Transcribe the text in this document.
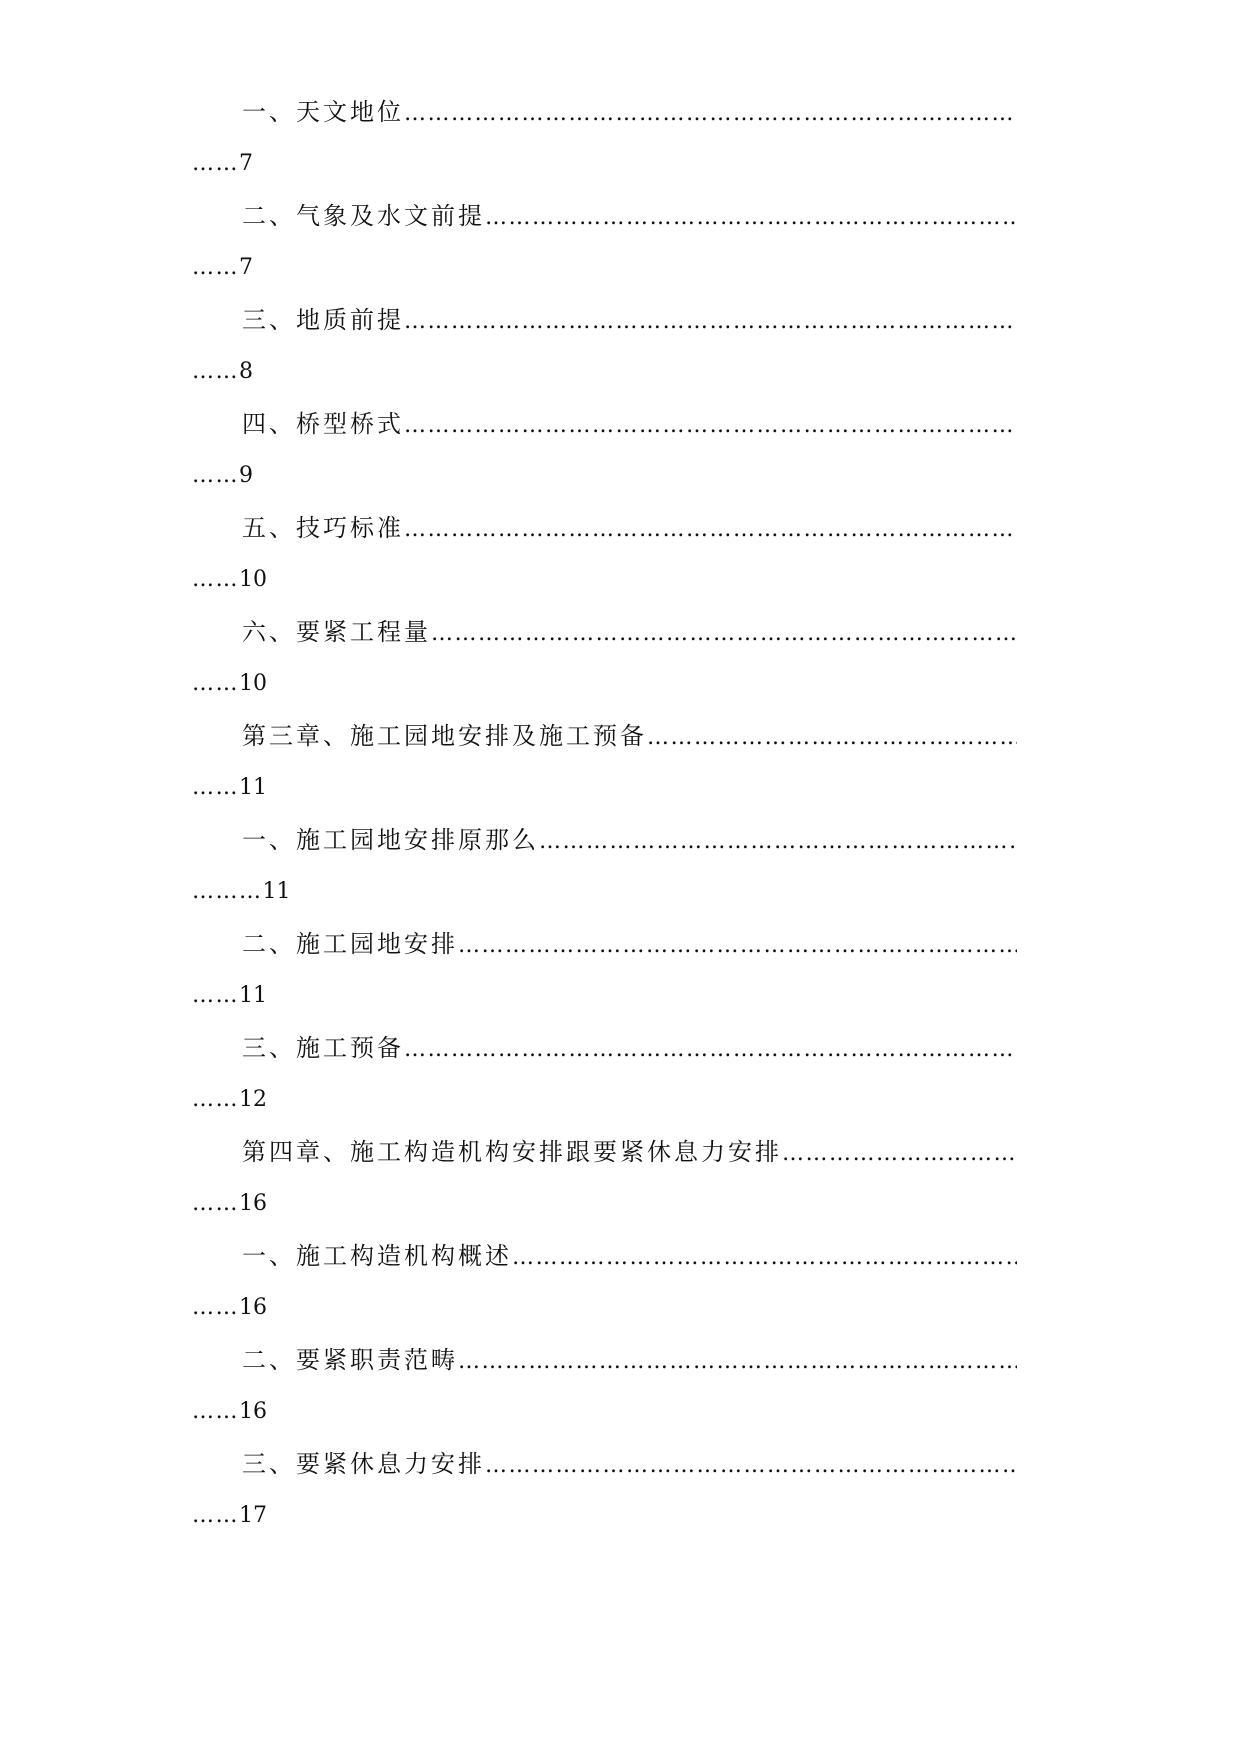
一、天文地位
……………………………………………………………………………………………………………………………………………………………………………………………………………………………………
……7
二、气象及水文前提
……………………………………………………………………………………………………………………………………………………………………………………………………………………………………
……7
三、地质前提
……………………………………………………………………………………………………………………………………………………………………………………………………………………………………
……8
四、桥型桥式
……………………………………………………………………………………………………………………………………………………………………………………………………………………………………
……9
五、技巧标准
……………………………………………………………………………………………………………………………………………………………………………………………………………………………………
……10
六、要紧工程量
……………………………………………………………………………………………………………………………………………………………………………………………………………………………………
……10
第三章、施工园地安排及施工预备
……………………………………………………………………………………………………………………………………………………………………………………………………………………………………
……11
一、施工园地安排原那么
……………………………………………………………………………………………………………………………………………………………………………………………………………………………………
………11
二、施工园地安排
……………………………………………………………………………………………………………………………………………………………………………………………………………………………………
……11
三、施工预备
……………………………………………………………………………………………………………………………………………………………………………………………………………………………………
……12
第四章、施工构造机构安排跟要紧休息力安排
……………………………………………………………………………………………………………………………………………………………………………………………………………………………………
……16
一、施工构造机构概述
……………………………………………………………………………………………………………………………………………………………………………………………………………………………………
……16
二、要紧职责范畴
……………………………………………………………………………………………………………………………………………………………………………………………………………………………………
……16
三、要紧休息力安排
……………………………………………………………………………………………………………………………………………………………………………………………………………………………………
……17
